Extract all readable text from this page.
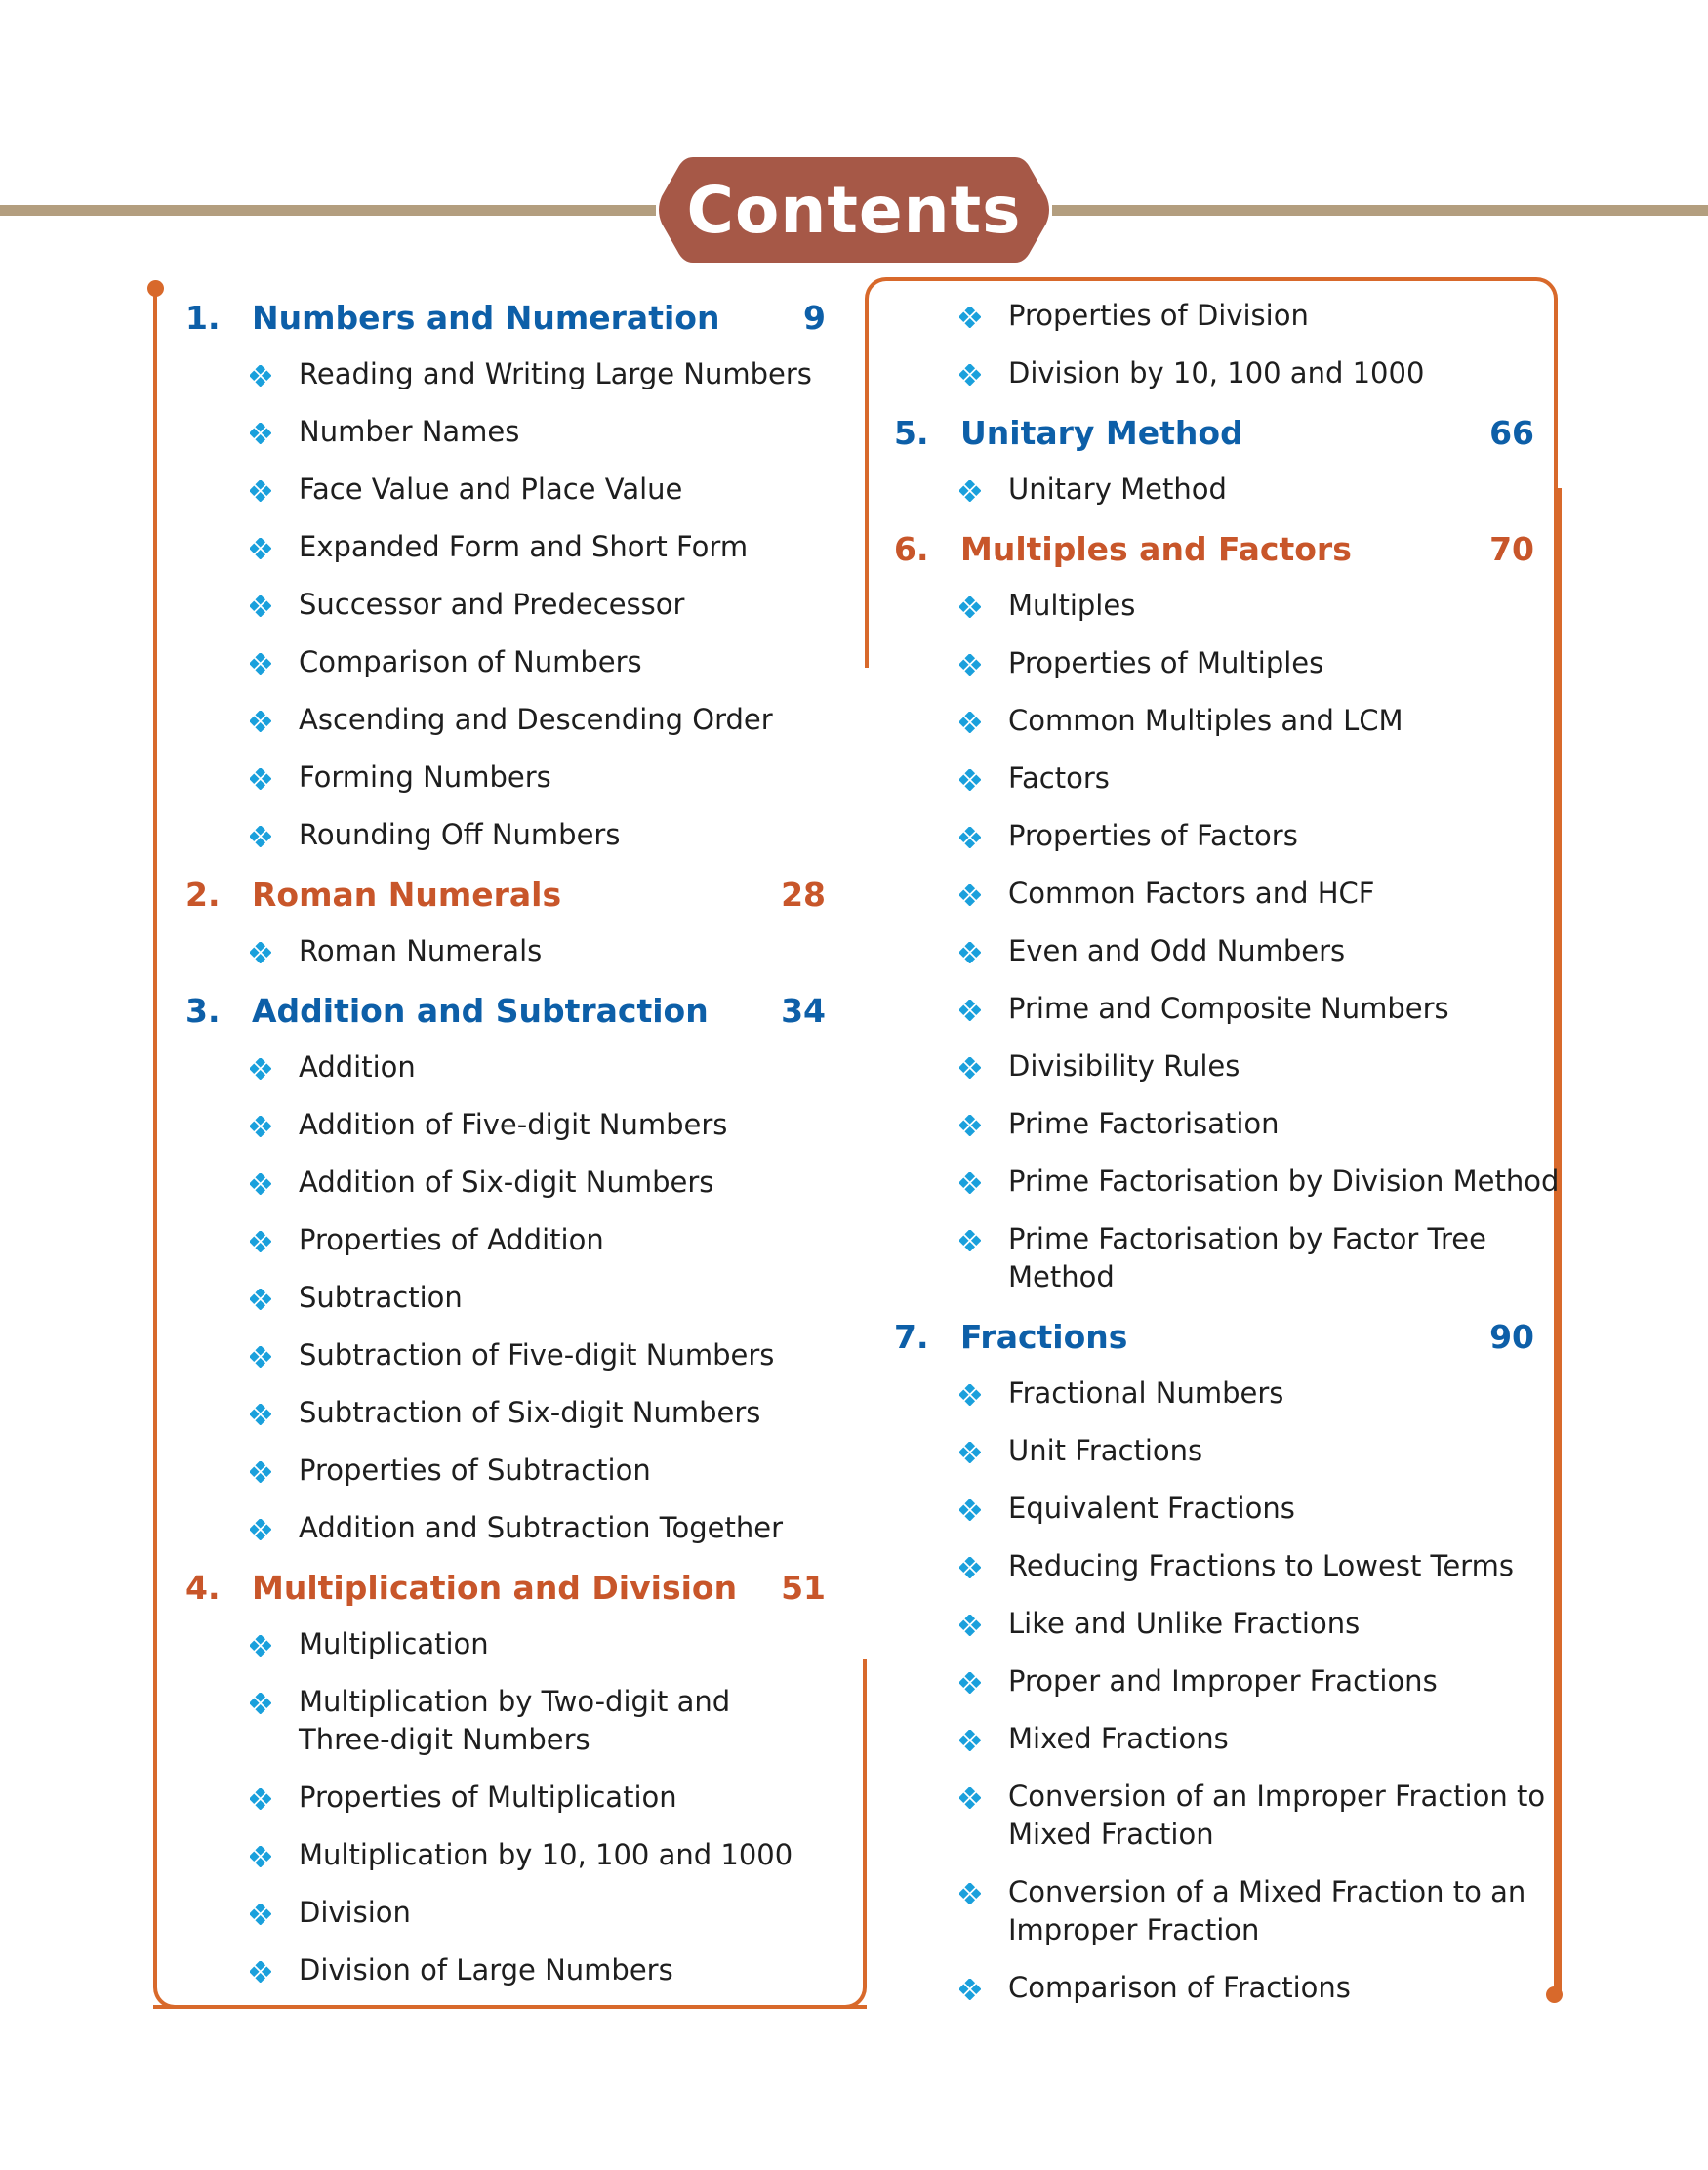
Contents
1. Numbers and Numeration	9
Reading and Writing Large Numbers
Number Names
Face Value and Place Value
Expanded Form and Short Form
Successor and Predecessor
Comparison of Numbers
Ascending and Descending Order
Forming Numbers
Rounding Off Numbers
2. Roman Numerals	28
Roman Numerals
3. Addition and Subtraction 34
Addition
Addition of Five-digit Numbers
Addition of Six-digit Numbers
Properties of Addition
Subtraction
Subtraction of Five-digit Numbers
Subtraction of Six-digit Numbers
Properties of Subtraction
Addition and Subtraction Together
4. Multiplication and Division 51
Multiplication
Multiplication by Two-digit and
Three-digit Numbers
Properties of Multiplication
Multiplication by 10, 100 and 1000
Division
Division of Large Numbers
Properties of Division
Division by 10, 100 and 1000
5. Unitary Method	66
Unitary Method
6. Multiples and Factors	70
Multiples
Properties of Multiples
Common Multiples and LCM
Factors
Properties of Factors
Common Factors and HCF
Even and Odd Numbers
Prime and Composite Numbers
Divisibility Rules
Prime Factorisation
Prime Factorisation by Division Method
Prime Factorisation by Factor Tree
Method
7. Fractions	90
Fractional Numbers
Unit Fractions
Equivalent Fractions
Reducing Fractions to Lowest Terms
Like and Unlike Fractions
Proper and Improper Fractions
Mixed Fractions
Conversion of an Improper Fraction to
Mixed Fraction
Conversion of a Mixed Fraction to an
Improper Fraction
Comparison of Fractions
